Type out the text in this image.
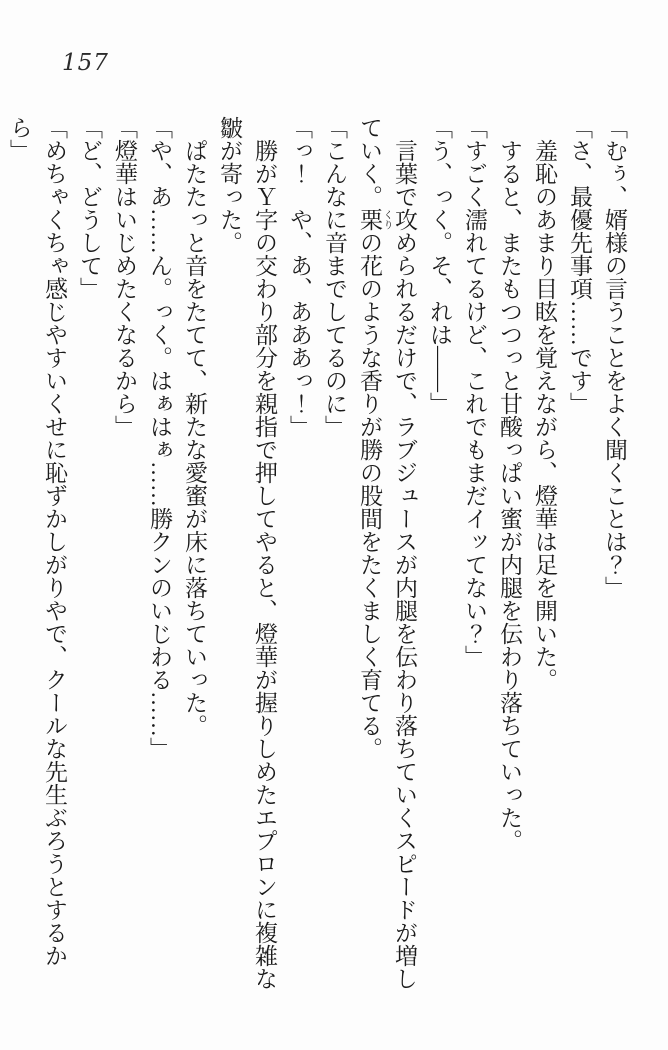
157

「むぅ、婿様の言うことをよく聞くことは？」

「さ、最優先事項……です」

羞恥のあまり目眩を覚えながら、燈華は足を開いた。

すると、またもつつっと甘酸っぱい蜜が内腿を伝わり落ちていった。

「すごく濡れてるけど、これでもまだイッてない？」

「う、っく。そ、れは――」

言葉で攻められるだけで、ラブジュースが内腿を伝わり落ちていくスピードが増していく。栗 くりの花のような香りが勝の股間をたくましく育てる。

「こんなに音までしてるのに」

「っ！　や、あ、あああっ！」

勝がＹ字の交わり部分を親指で押してやると、燈華が握りしめたエプロンに複雑な皺が寄った。

ぱたたっと音をたてて、新たな愛蜜が床に落ちていった。

「や、あ……ん。っく。はぁはぁ……勝クンのいじわる……」

「燈華はいじめたくなるから」

「ど、どうして」

「めちゃくちゃ感じやすいくせに恥ずかしがりやで、クールな先生ぶろうとするから」
